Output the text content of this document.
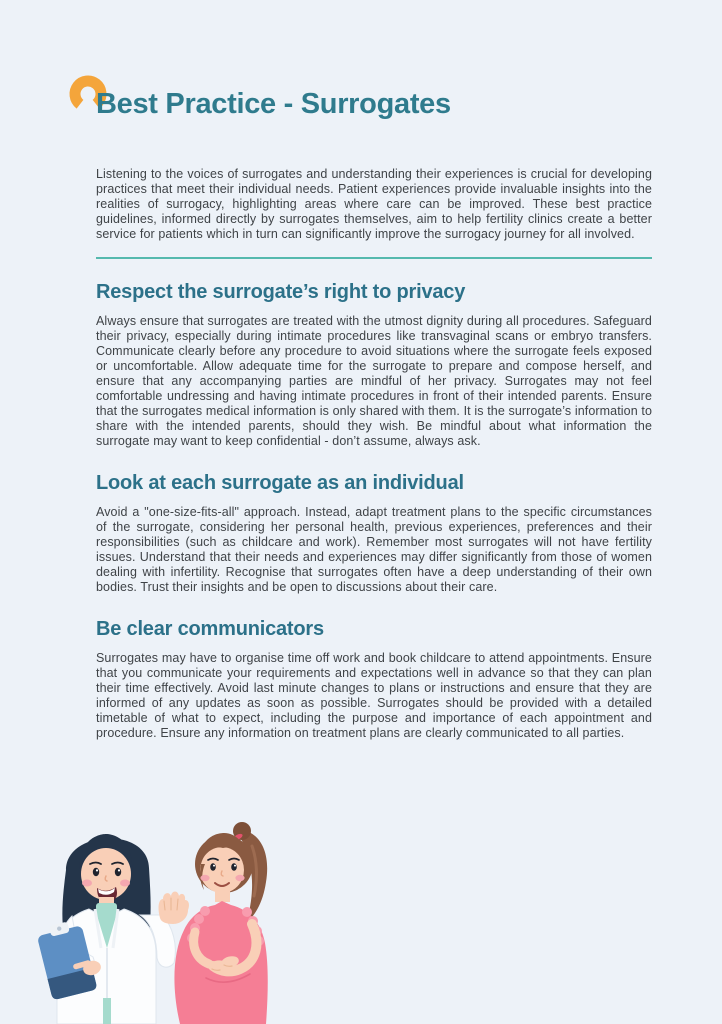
Best Practice - Surrogates

Listening to the voices of surrogates and understanding their experiences is crucial for developing practices that meet their individual needs. Patient experiences provide invaluable insights into the realities of surrogacy, highlighting areas where care can be improved. These best practice guidelines, informed directly by surrogates themselves, aim to help fertility clinics create a better service for patients which in turn can significantly improve the surrogacy journey for all involved.

Respect the surrogate’s right to privacy

Always ensure that surrogates are treated with the utmost dignity during all procedures. Safeguard their privacy, especially during intimate procedures like transvaginal scans or embryo transfers. Communicate clearly before any procedure to avoid situations where the surrogate feels exposed or uncomfortable. Allow adequate time for the surrogate to prepare and compose herself, and ensure that any accompanying parties are mindful of her privacy. Surrogates may not feel comfortable undressing and having intimate procedures in front of their intended parents. Ensure that the surrogates medical information is only shared with them. It is the surrogate’s information to share with the intended parents, should they wish. Be mindful about what information the surrogate may want to keep confidential - don’t assume, always ask.

Look at each surrogate as an individual

Avoid a "one-size-fits-all" approach. Instead, adapt treatment plans to the specific circumstances of the surrogate, considering her personal health, previous experiences, preferences and their responsibilities (such as childcare and work). Remember most surrogates will not have fertility issues. Understand that their needs and experiences may differ significantly from those of women dealing with infertility. Recognise that surrogates often have a deep understanding of their own bodies. Trust their insights and be open to discussions about their care.

Be clear communicators

Surrogates may have to organise time off work and book childcare to attend appointments. Ensure that you communicate your requirements and expectations well in advance so that they can plan their time effectively. Avoid last minute changes to plans or instructions and ensure that they are informed of any updates as soon as possible. Surrogates should be provided with a detailed timetable of what to expect, including the purpose and importance of each appointment and procedure. Ensure any information on treatment plans are clearly communicated to all parties.
